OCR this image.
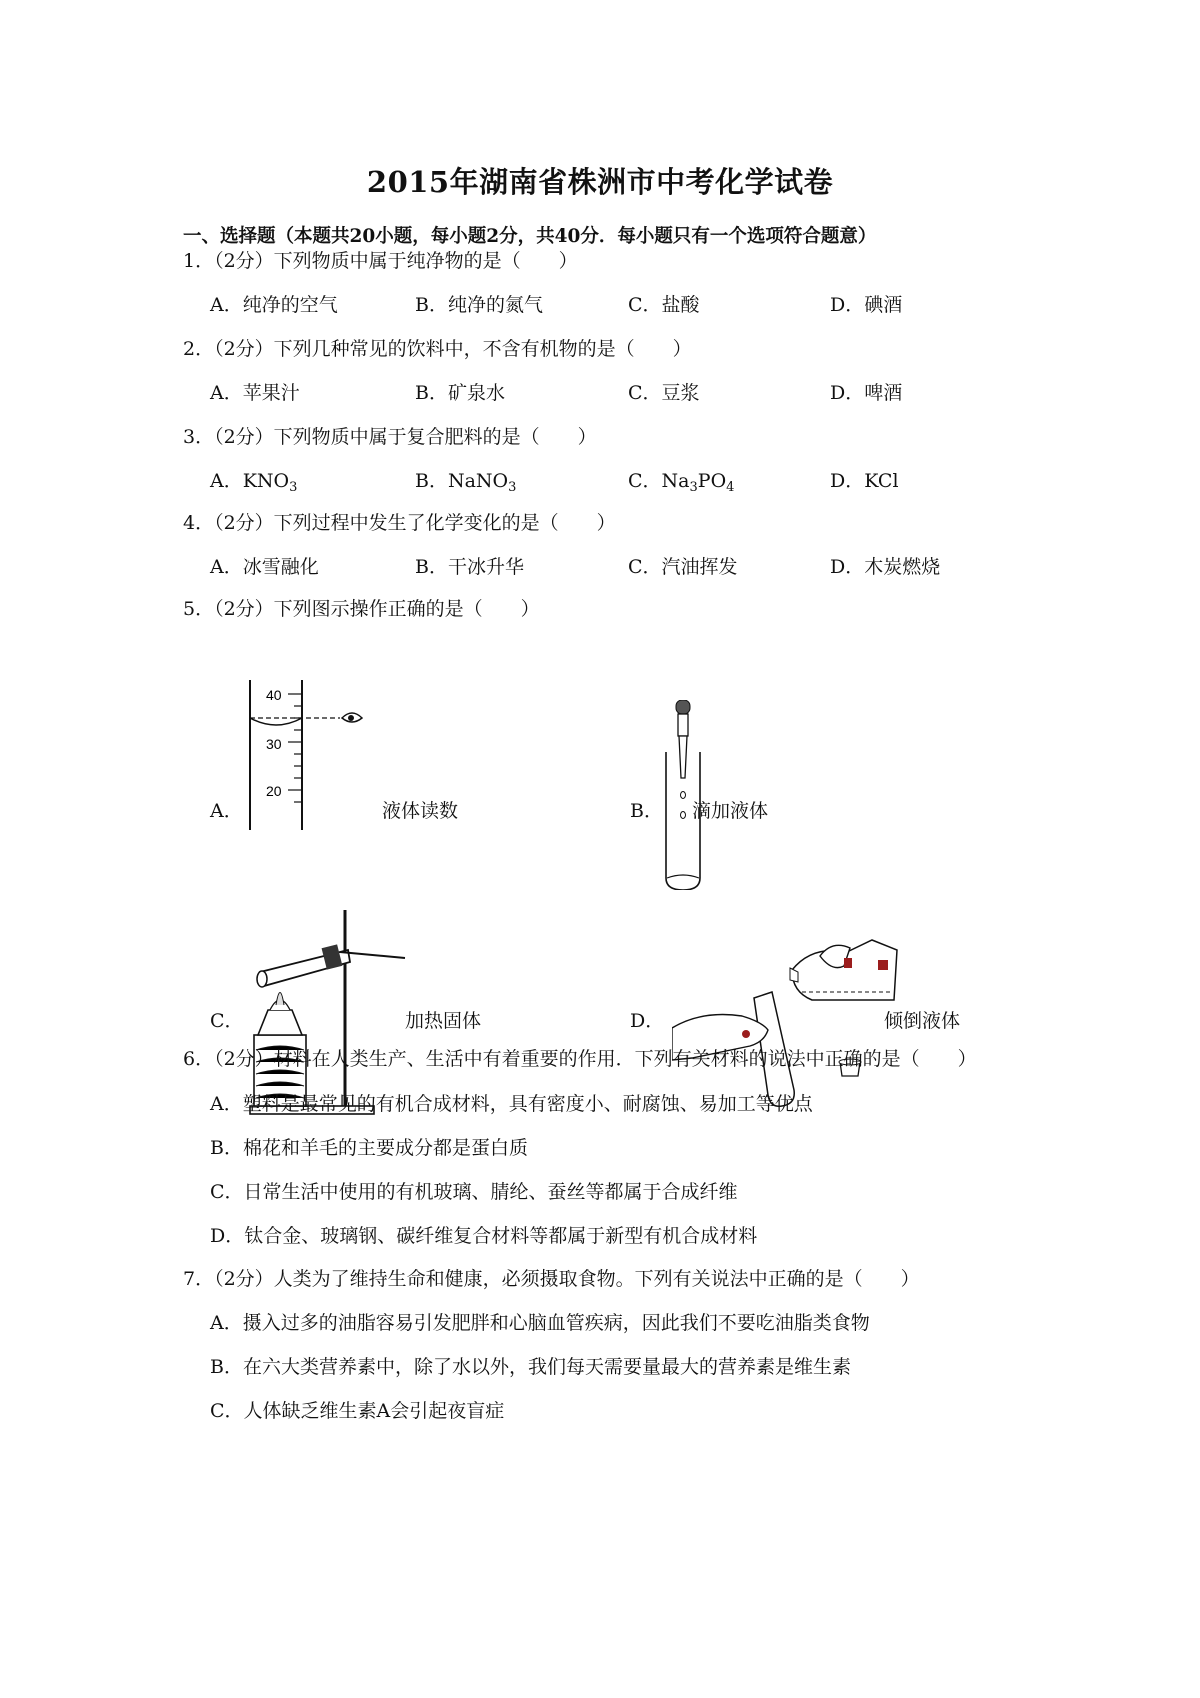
2015年湖南省株洲市中考化学试卷
一、选择题（本题共20小题，每小题2分，共40分．每小题只有一个选项符合题意）
1．（2分）下列物质中属于纯净物的是（　　）
A．纯净的空气	B．纯净的氮气	C．盐酸	D．碘酒
2．（2分）下列几种常见的饮料中，不含有机物的是（　　）
A．苹果汁	B．矿泉水	C．豆浆	D．啤酒
3．（2分）下列物质中属于复合肥料的是（　　）
A．$KNO_3$	B．NaNO$_3$	C．$Na_3PO_4$	D．KCl
4．（2分）下列过程中发生了化学变化的是（　　）
A．冰雪融化	B．干冰升华	C．汽油挥发	D．木炭燃烧
5．（2分）下列图示操作正确的是（　　）
40
30
20
A．	液体读数	B． 滴加液体
C．	加热固体	D．	倾倒液体
6．（2分）材料在人类生产、生活中有着重要的作用．下列有关材料的说法中正确的是（　　）
A．塑料是最常见的有机合成材料，具有密度小、耐腐蚀、易加工等优点
B．棉花和羊毛的主要成分都是蛋白质
C．日常生活中使用的有机玻璃、腈纶、蚕丝等都属于合成纤维
D．钛合金、玻璃钢、碳纤维复合材料等都属于新型有机合成材料
7．（2分）人类为了维持生命和健康，必须摄取食物。下列有关说法中正确的是（　　）
A．摄入过多的油脂容易引发肥胖和心脑血管疾病，因此我们不要吃油脂类食物
B．在六大类营养素中，除了水以外，我们每天需要量最大的营养素是维生素
C．人体缺乏维生素A会引起夜盲症
